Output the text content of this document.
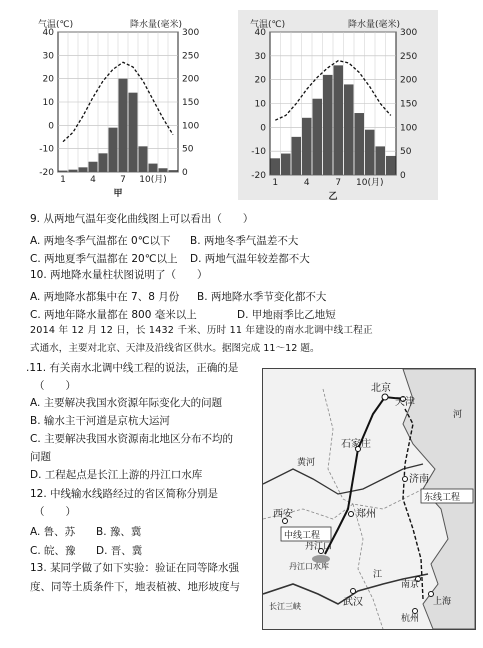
40
30
20
10
0
-10
-20
300
250
200
150
100
50
0
1	4	7 10(月)
气温(℃)	降水量(毫米)
甲
40
30
20
10
0
-10
-20
300
250
200
150
100
50
0
1	4	7 10(月)
气温(℃)	降水量(毫米)
乙
9. 从两地气温年变化曲线图上可以看出（　　）
A. 两地冬季气温都在 0℃以下 B. 两地冬季气温差不大
C. 两地夏季气温都在 20℃以上 D. 两地气温年较差都不大
10. 两地降水量柱状图说明了（　　）
A. 两地降水都集中在 7、8 月份 B. 两地降水季节变化都不大
C. 两地年降水量都在 800 毫米以上	D. 甲地雨季比乙地短
2014 年 12 月 12 日，长 1432 千米、历时 11 年建设的南水北调中线工程正
式通水，主要对北京、天津及沿线省区供水。据图完成 11～12 题。
.11. 有关南水北调中线工程的说法，正确的是
（　　）
A. 主要解决我国水资源年际变化大的问题
B. 输水主干河道是京杭大运河
C. 主要解决我国水资源南北地区分布不均的
问题
D. 工程起点是长江上游的丹江口水库
12. 中线输水线路经过的省区简称分别是
（　　）
A. 鲁、苏 B. 豫、冀
C. 皖、豫 D. 晋、冀
13. 某同学做了如下实验：验证在同等降水强
度、同等土质条件下，地表植被、地形坡度与
北京
天津
石家庄
济南
东线工程
西安	郑州
中线工程
丹江口
武汉
南京
上海
杭州
长江三峡
丹江口水库
黄河
江
河
